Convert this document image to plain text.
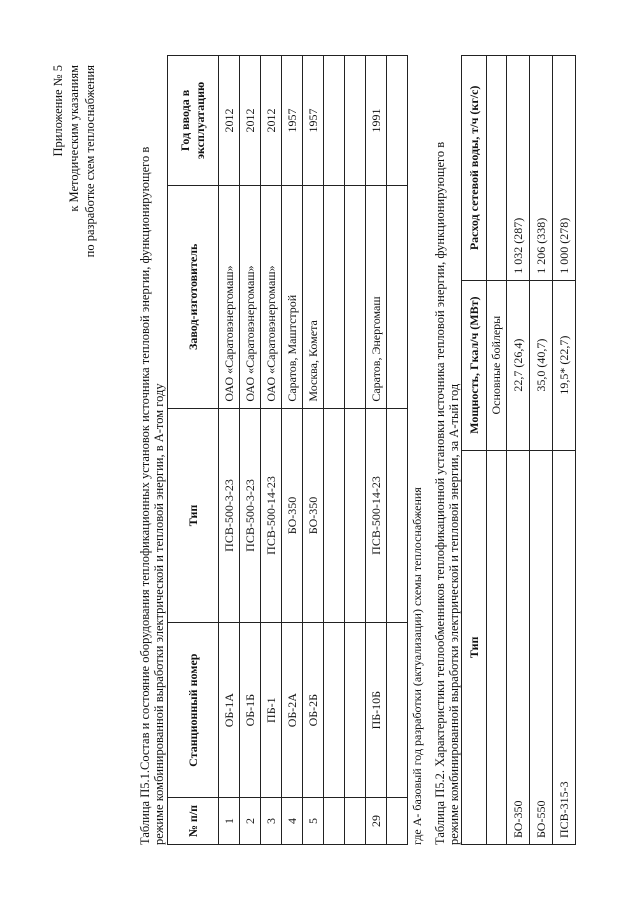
Приложение № 5 к Методическим указаниям по разработке схем теплоснабжения	Таблица П5.1.Состав и состояние оборудования теплофикационных установок источника тепловой энергии, функционирующего в режиме комбинированной выработки электрической и тепловой энергии, в А-том году № п/п	Станционный номер	Тип	Завод-изготовитель	Год ввода в эксплуатацию
1	ОБ-1А	ПСВ-500-3-23	ОАО «Саратовэнергомаш»	2012
2	ОБ-1Б	ПСВ-500-3-23	ОАО «Саратовэнергомаш»	2012
3	ПБ-1	ПСВ-500-14-23	ОАО «Саратовэнергомаш»	2012
4	ОБ-2А	БО-350	Саратов, Маштстрой	1957
5	ОБ-2Б	БО-350	Москва, Комета	1957

29	ПБ-10Б	ПСВ-500-14-23	Саратов, Энергомаш	1991

где А- базовый год разработки (актуализации) схемы теплоснабжения Таблица П5.2. Характеристики теплообменников теплофикационной установки источника тепловой энергии, функционирующего в режиме комбинированной выработки электрической и тепловой энергии, за А-тый год Тип	Мощность, Гкал/ч (МВт)	Расход сетевой воды, т/ч (кг/с)
	Основные бойлеры	
БО-350	22,7 (26,4)	1 032 (287)
БО-550	35,0 (40,7)	1 206 (338)
ПСВ-315-3	19,5* (22,7)	1 000 (278)
